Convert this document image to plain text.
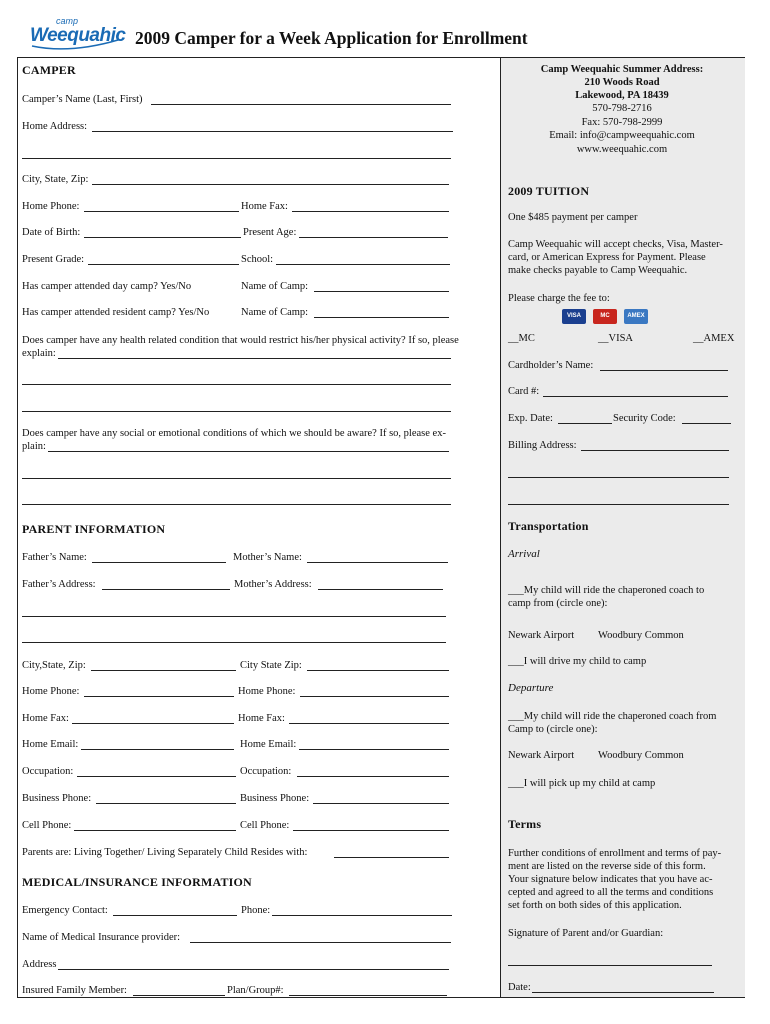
camp
Weequahic 2009 Camper for a Week Application for Enrollment
CAMPER
Camper’s Name (Last, First)
Home Address:
City, State, Zip:
Home Phone:	Home Fax:
Date of Birth:	Present Age:
Present Grade:	School:
Has camper attended day camp? Yes/No	Name of Camp:
Has camper attended resident camp? Yes/No	Name of Camp:
Does camper have any health related condition that would restrict his/her physical activity? If so, please
explain:
Does camper have any social or emotional conditions of which we should be aware? If so, please ex-
plain:
PARENT INFORMATION
Father’s Name:	Mother’s Name:
Father’s Address:	Mother’s Address:
City,State, Zip:	City State Zip:
Home Phone:	Home Phone:
Home Fax:	Home Fax:
Home Email:	Home Email:
Occupation:	Occupation:
Business Phone:	Business Phone:
Cell Phone:	Cell Phone:
Parents are: Living Together/ Living Separately Child Resides with:
MEDICAL/INSURANCE INFORMATION
Emergency Contact:	Phone:
Name of Medical Insurance provider:
Address
Insured Family Member:	Plan/Group#:
Camp Weequahic Summer Address:
210 Woods Road
Lakewood, PA 18439
570-798-2716
Fax: 570-798-2999
Email: info@campweequahic.com
www.weequahic.com
2009 TUITION
One $485 payment per camper
Camp Weequahic will accept checks, Visa, Master-
card, or American Express for Payment. Please
make checks payable to Camp Weequahic.
Please charge the fee to:
VISA	MC	AMEX
__MC	__VISA	__AMEX
Cardholder’s Name:
Card #:
Exp. Date:	Security Code:
Billing Address:
Transportation
Arrival
___My child will ride the chaperoned coach to
camp from (circle one):
Newark Airport Woodbury Common
___I will drive my child to camp
Departure
___My child will ride the chaperoned coach from
Camp to (circle one):
Newark Airport Woodbury Common
___I will pick up my child at camp
Terms
Further conditions of enrollment and terms of pay-
ment are listed on the reverse side of this form.
Your signature below indicates that you have ac-
cepted and agreed to all the terms and conditions
set forth on both sides of this application.
Signature of Parent and/or Guardian:
Date:
